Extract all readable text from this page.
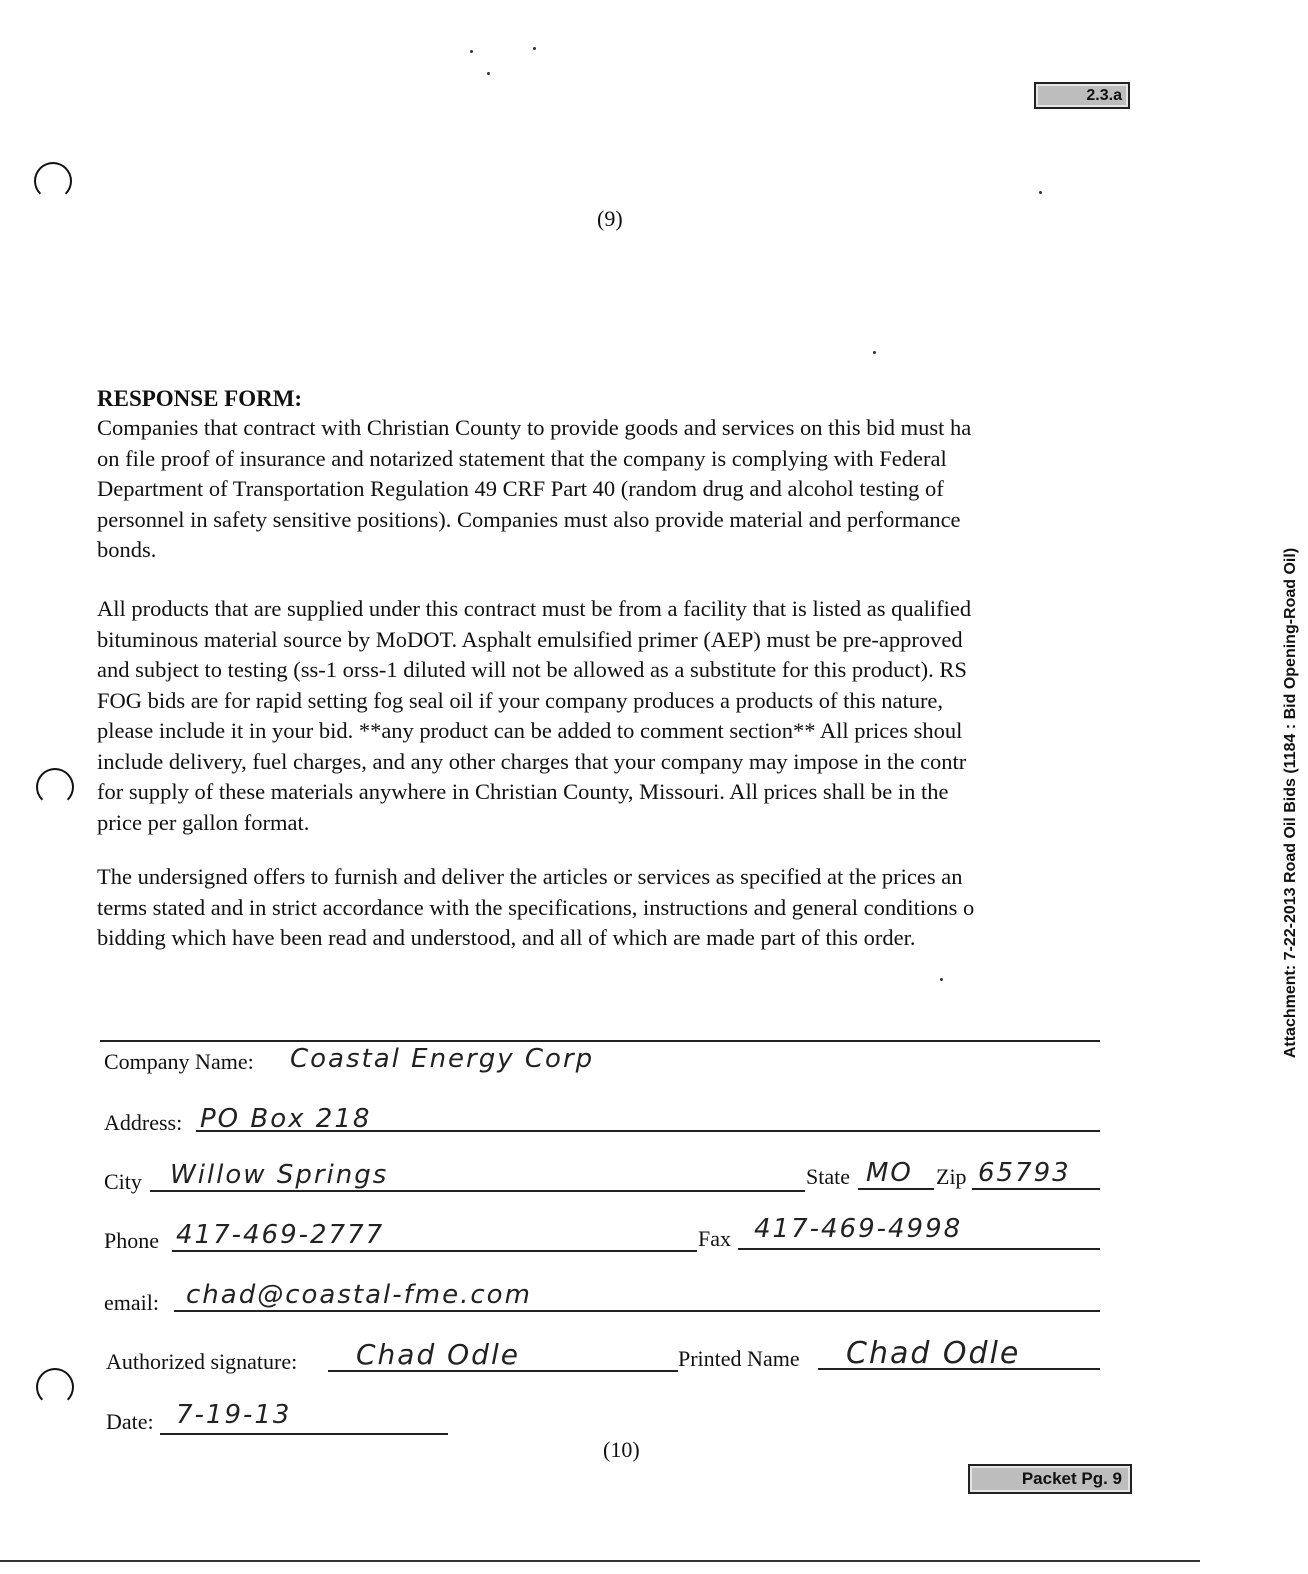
2.3.a
(9)
RESPONSE FORM:
Companies that contract with Christian County to provide goods and services on this bid must ha
on file proof of insurance and notarized statement that the company is complying with Federal
Department of Transportation Regulation 49 CRF Part 40 (random drug and alcohol testing of
personnel in safety sensitive positions). Companies must also provide material and performance
bonds.
All products that are supplied under this contract must be from a facility that is listed as qualified
bituminous material source by MoDOT. Asphalt emulsified primer (AEP) must be pre-approved
and subject to testing (ss-1 orss-1 diluted will not be allowed as a substitute for this product). RS
FOG bids are for rapid setting fog seal oil if your company produces a products of this nature,
please include it in your bid. **any product can be added to comment section** All prices shoul
include delivery, fuel charges, and any other charges that your company may impose in the contr
for supply of these materials anywhere in Christian County, Missouri. All prices shall be in the
price per gallon format.
The undersigned offers to furnish and deliver the articles or services as specified at the prices an
terms stated and in strict accordance with the specifications, instructions and general conditions o
bidding which have been read and understood, and all of which are made part of this order.	Attachment: 7-22-2013 Road Oil Bids (1184 : Bid Opening-Road Oil)
Company Name: Coastal Energy Corp
Address: PO Box 218
City Willow Springs	State MO Zip 65793
Phone 417-469-2777	Fax 417-469-4998
email: chad@coastal-fme.com
Authorized signature: Chad Odle	Printed Name Chad Odle
Date: 7-19-13
(10)
Packet Pg. 9
